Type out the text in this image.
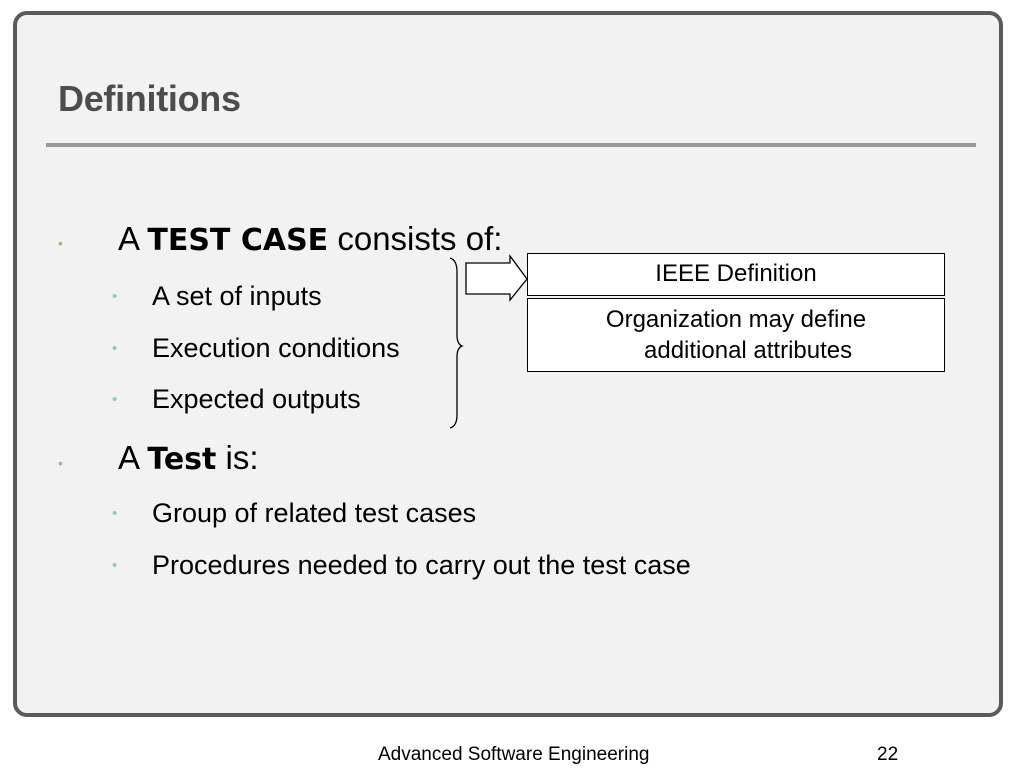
Definitions
• A TEST CASE consists of:
• A set of inputs
• Execution conditions
• Expected outputs
• A Test is:
• Group of related test cases
• Procedures needed to carry out the test case
IEEE Definition
Organization may define
additional attributes
Advanced Software Engineering	22
